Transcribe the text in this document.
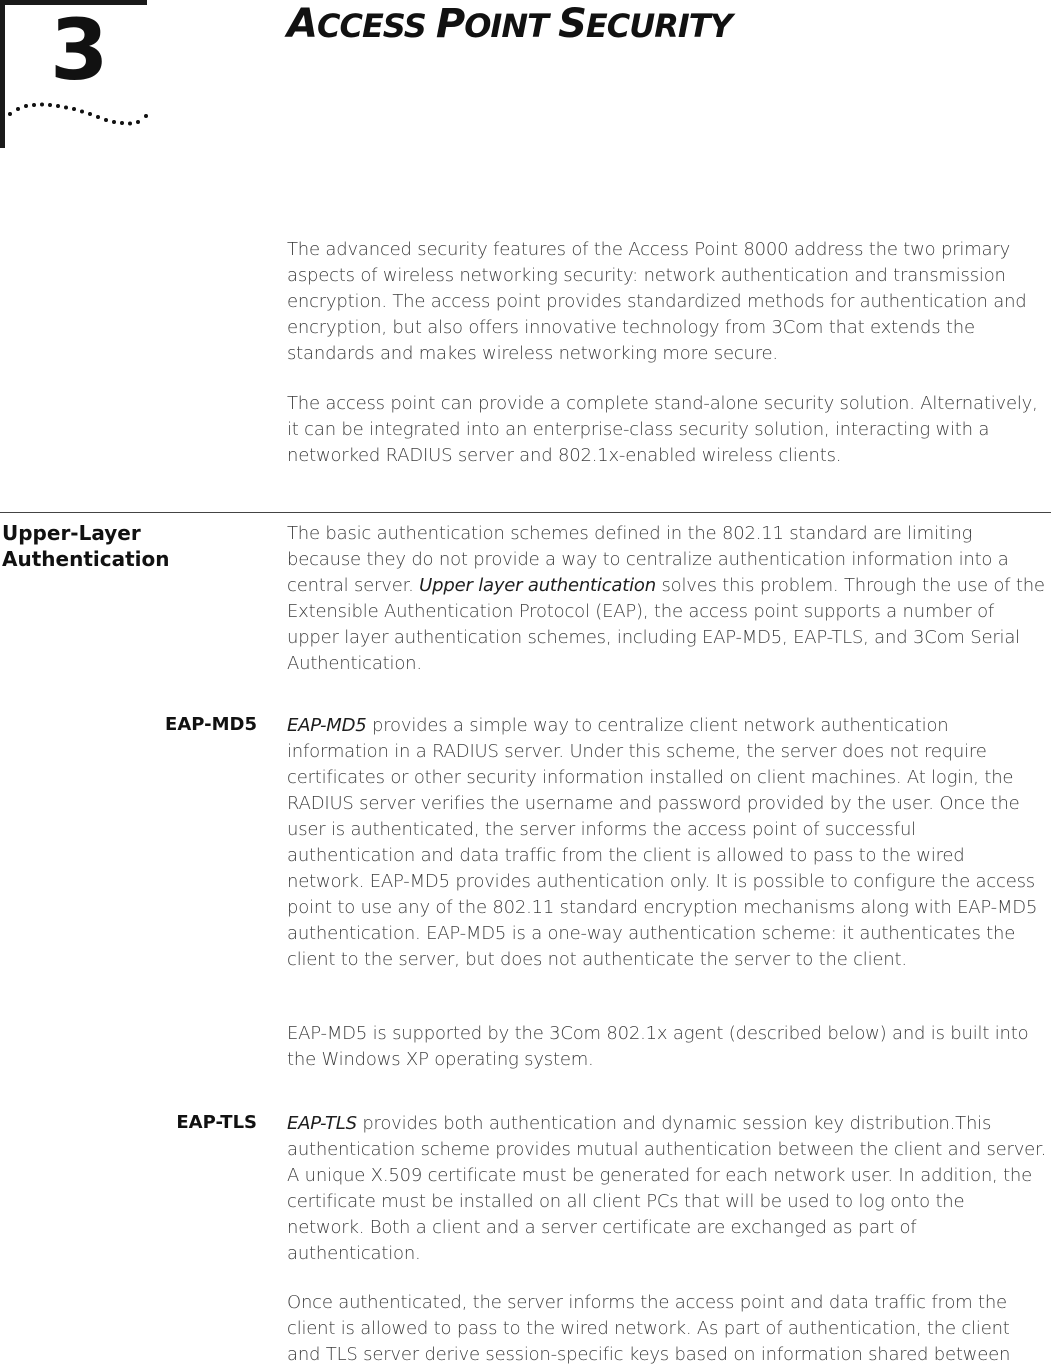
3	ACCESS POINT SECURITY

The advanced security features of the Access Point 8000 address the two primary aspects of wireless networking security: network authentication and transmission encryption. The access point provides standardized methods for authentication and encryption, but also offers innovative technology from 3Com that extends the standards and makes wireless networking more secure.

The access point can provide a complete stand-alone security solution. Alternatively, it can be integrated into an enterprise-class security solution, interacting with a networked RADIUS server and 802.1x-enabled wireless clients.

Upper-Layer
Authentication

The basic authentication schemes defined in the 802.11 standard are limiting because they do not provide a way to centralize authentication information into a central server. Upper layer authentication solves this problem. Through the use of the Extensible Authentication Protocol (EAP), the access point supports a number of upper layer authentication schemes, including EAP-MD5, EAP-TLS, and 3Com Serial Authentication.

EAP-MD5 EAP-MD5 provides a simple way to centralize client network authentication information in a RADIUS server. Under this scheme, the server does not require certificates or other security information installed on client machines. At login, the RADIUS server verifies the username and password provided by the user. Once the user is authenticated, the server informs the access point of successful authentication and data traffic from the client is allowed to pass to the wired network. EAP-MD5 provides authentication only. It is possible to configure the access point to use any of the 802.11 standard encryption mechanisms along with EAP-MD5 authentication. EAP-MD5 is a one-way authentication scheme: it authenticates the client to the server, but does not authenticate the server to the client.

EAP-MD5 is supported by the 3Com 802.1x agent (described below) and is built into the Windows XP operating system.

EAP-TLS EAP-TLS provides both authentication and dynamic session key distribution.This authentication scheme provides mutual authentication between the client and server. A unique X.509 certificate must be generated for each network user. In addition, the certificate must be installed on all client PCs that will be used to log onto the network. Both a client and a server certificate are exchanged as part of authentication.

Once authenticated, the server informs the access point and data traffic from the client is allowed to pass to the wired network. As part of authentication, the client and TLS server derive session-specific keys based on information shared between
